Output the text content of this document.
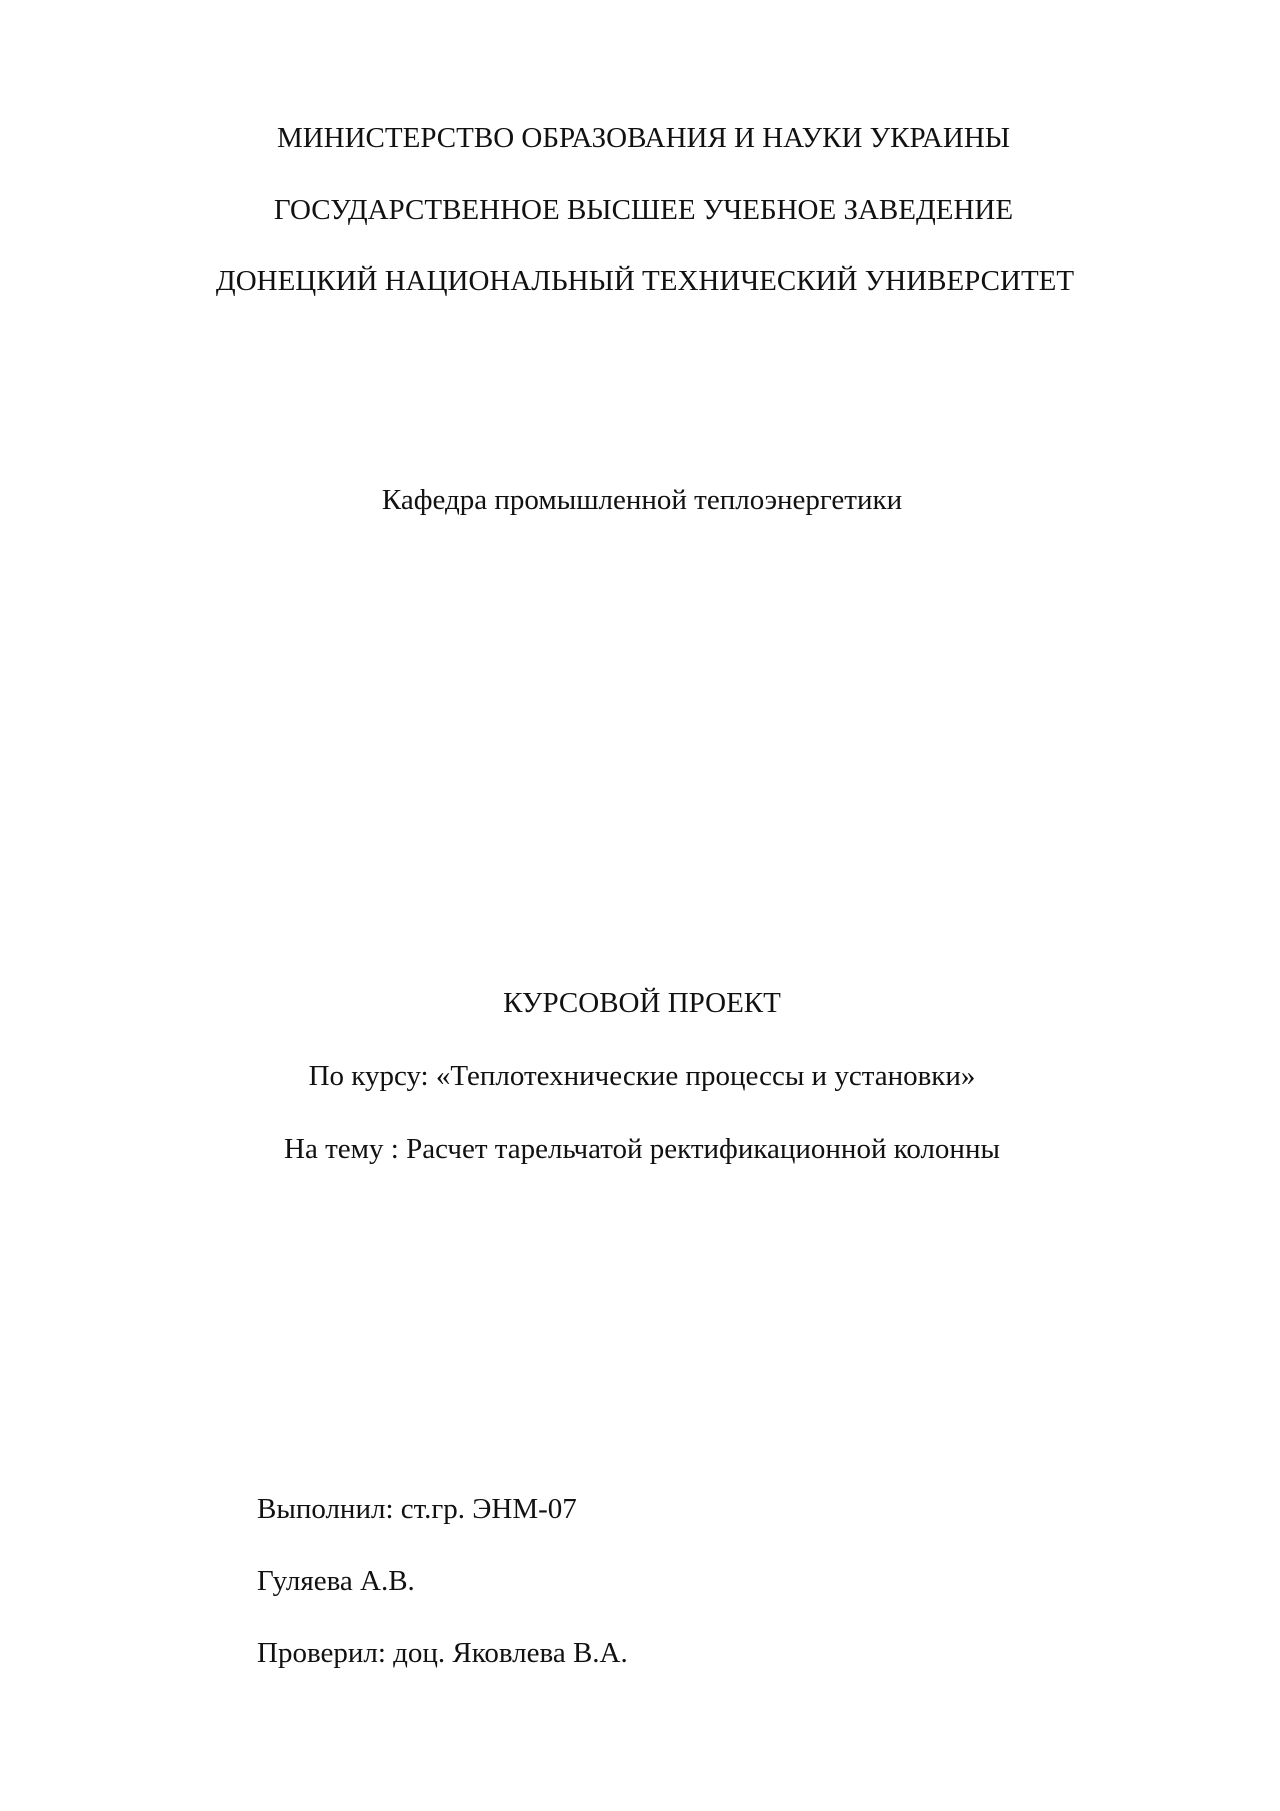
МИНИСТЕРСТВО ОБРАЗОВАНИЯ И НАУКИ УКРАИНЫ
ГОСУДАРСТВЕННОЕ ВЫСШЕЕ УЧЕБНОЕ ЗАВЕДЕНИЕ
ДОНЕЦКИЙ НАЦИОНАЛЬНЫЙ ТЕХНИЧЕСКИЙ УНИВЕРСИТЕТ
Кафедра промышленной теплоэнергетики
КУРСОВОЙ ПРОЕКТ
По курсу: «Теплотехнические процессы и установки»
На тему : Расчет тарельчатой ректификационной колонны
Выполнил: ст.гр. ЭНМ-07
Гуляева А.В.
Проверил: доц. Яковлева В.А.
